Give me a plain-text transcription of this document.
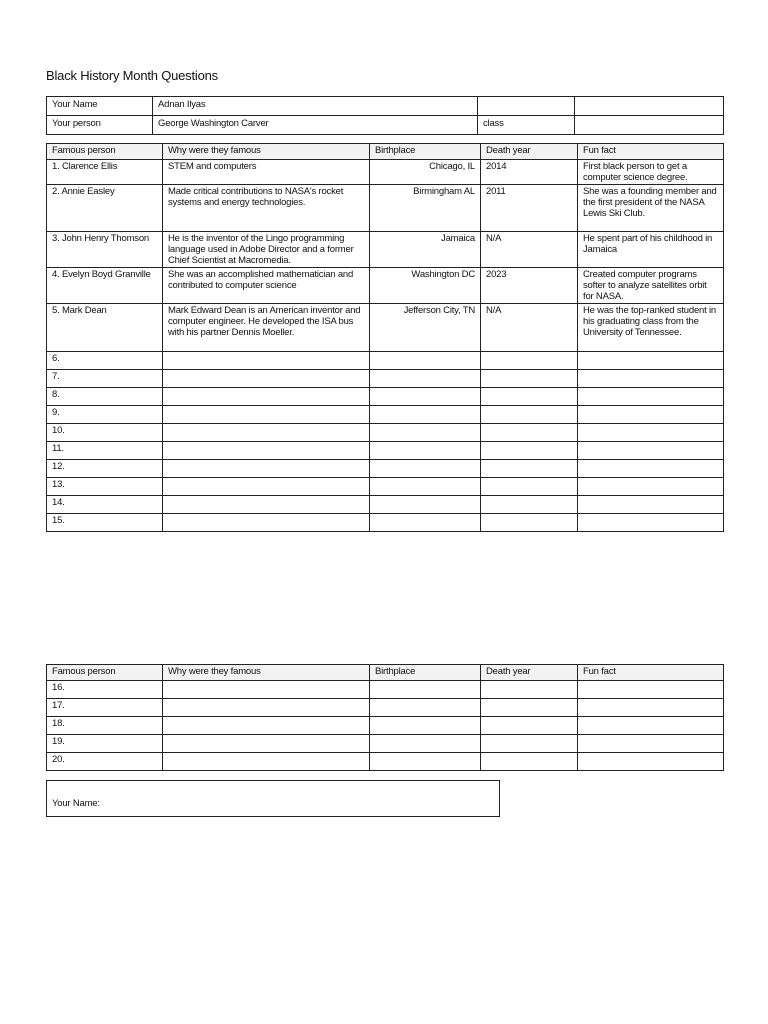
Black History Month Questions
Your Name	Adnan Ilyas		
Your person	George Washington Carver	class	
Famous person	Why were they famous	Birthplace	Death year	Fun fact
1. Clarence Ellis	STEM and computers	Chicago, IL	2014	First black person to get a computer science degree.
2. Annie Easley	Made critical contributions to NASA's rocket systems and energy technologies.	Birmingham AL	2011	She was a founding member and the first president of the NASA Lewis Ski Club.
3. John Henry Thomson	He is the inventor of the Lingo programming language used in Adobe Director and a former Chief Scientist at Macromedia.	Jamaica	N/A	He spent part of his childhood in Jamaica
4. Evelyn Boyd Granville	She was an accomplished mathematician and contributed to computer science	Washington DC	2023	Created computer programs softer to analyze satellites orbit for NASA.
5. Mark Dean	Mark Edward Dean is an American inventor and computer engineer. He developed the ISA bus with his partner Dennis Moeller.	Jefferson City, TN	N/A	He was the top-ranked student in his graduating class from the University of Tennessee.
6.				
7.				
8.				
9.				
10.				
11.				
12.				
13.				
14.				
15.				
Famous person	Why were they famous	Birthplace	Death year	Fun fact
16.				
17.				
18.				
19.				
20.				
Your Name:
